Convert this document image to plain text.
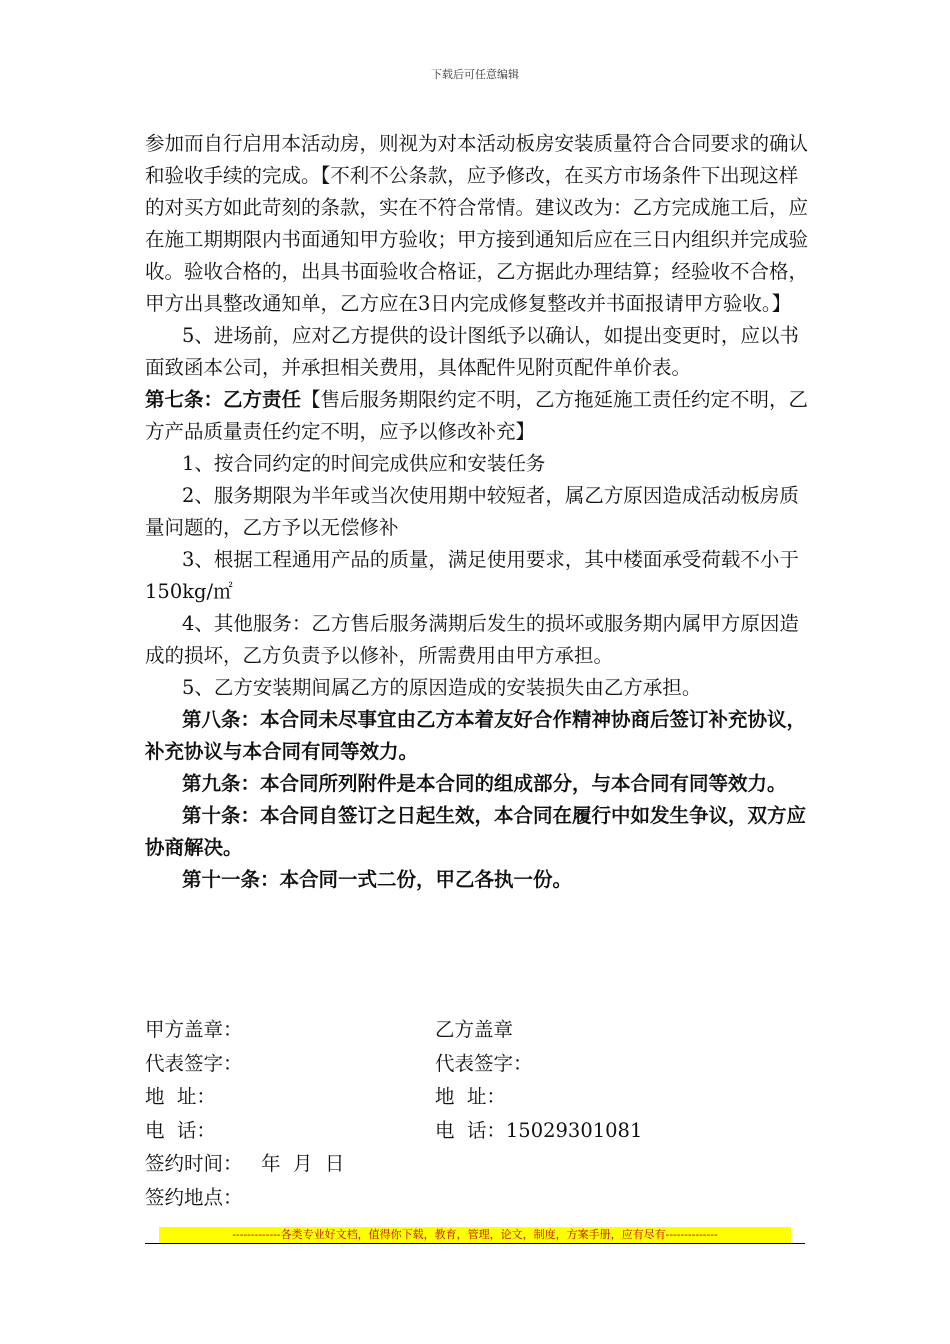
下载后可任意编辑

参加而自行启用本活动房，则视为对本活动板房安装质量符合合同要求的确认和验收手续的完成。【不利不公条款，应予修改，在买方市场条件下出现这样的对买方如此苛刻的条款，实在不符合常情。建议改为：乙方完成施工后，应在施工期期限内书面通知甲方验收；甲方接到通知后应在三日内组织并完成验收。验收合格的，出具书面验收合格证，乙方据此办理结算；经验收不合格，甲方出具整改通知单，乙方应在3日内完成修复整改并书面报请甲方验收。】

5、进场前，应对乙方提供的设计图纸予以确认，如提出变更时，应以书面致函本公司，并承担相关费用，具体配件见附页配件单价表。

第七条：乙方责任【售后服务期限约定不明，乙方拖延施工责任约定不明，乙方产品质量责任约定不明，应予以修改补充】

1、按合同约定的时间完成供应和安装任务

2、服务期限为半年或当次使用期中较短者，属乙方原因造成活动板房质量问题的，乙方予以无偿修补

3、根据工程通用产品的质量，满足使用要求，其中楼面承受荷载不小于150kg/㎡

4、其他服务：乙方售后服务满期后发生的损坏或服务期内属甲方原因造成的损坏，乙方负责予以修补，所需费用由甲方承担。

5、乙方安装期间属乙方的原因造成的安装损失由乙方承担。

第八条：本合同未尽事宜由乙方本着友好合作精神协商后签订补充协议，补充协议与本合同有同等效力。

第九条：本合同所列附件是本合同的组成部分，与本合同有同等效力。

第十条：本合同自签订之日起生效，本合同在履行中如发生争议，双方应协商解决。

第十一条：本合同一式二份，甲乙各执一份。

甲方盖章：	乙方盖章
代表签字：	代表签字：
地  址：	地  址：
电  话：	电  话：15029301081
签约时间：   年  月  日
签约地点：
-------------各类专业好文档，值得你下载，教育，管理，论文，制度，方案手册，应有尽有--------------
